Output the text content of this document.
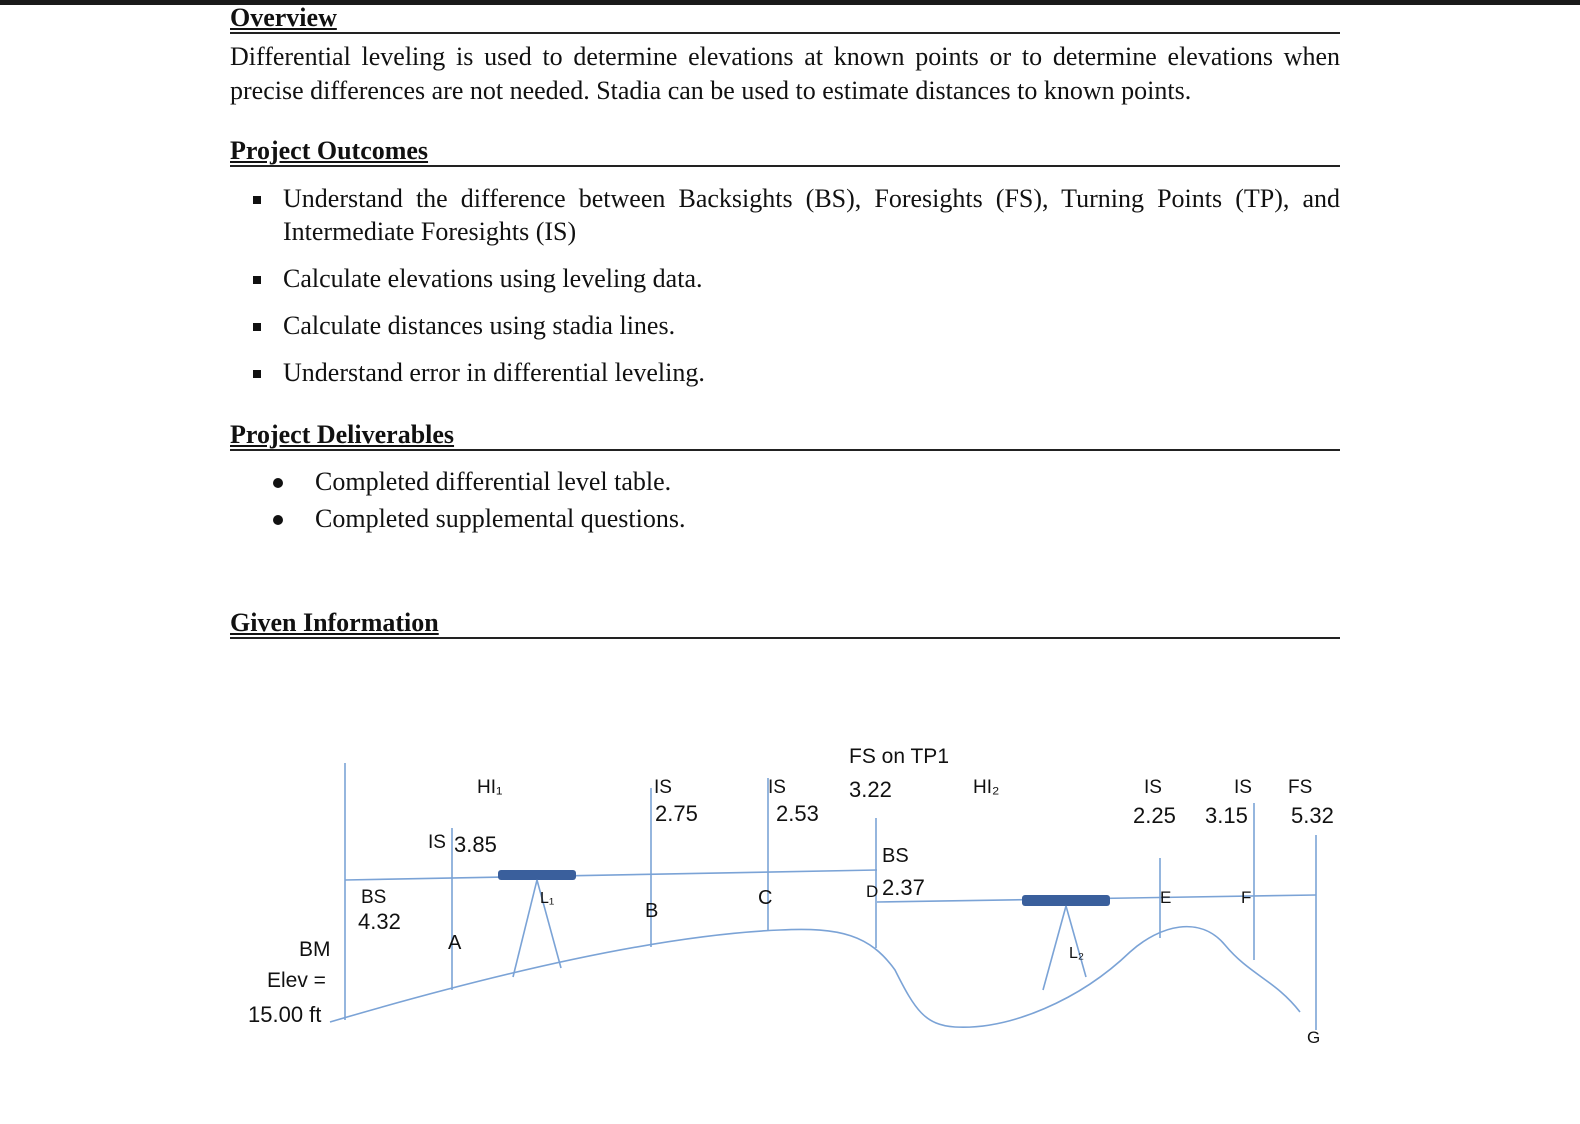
Overview

Differential leveling is used to determine elevations at known points or to determine elevations when precise differences are not needed. Stadia can be used to estimate distances to known points.

Project Outcomes
Understand the difference between Backsights (BS), Foresights (FS), Turning Points (TP), and Intermediate Foresights (IS)
Calculate elevations using leveling data.
Calculate distances using stadia lines.
Understand error in differential leveling.
Project Deliverables
Completed differential level table.
Completed supplemental questions.
Given Information
BM
Elev =
15.00 ft
BS
4.32
HI₁
IS 3.85
A
L₁
IS
2.75
B
IS
2.53
C
FS on TP1
3.22
BS
D 2.37
HI₂
L₂
IS
2.25
E
IS
3.15
F
FS
5.32
G
